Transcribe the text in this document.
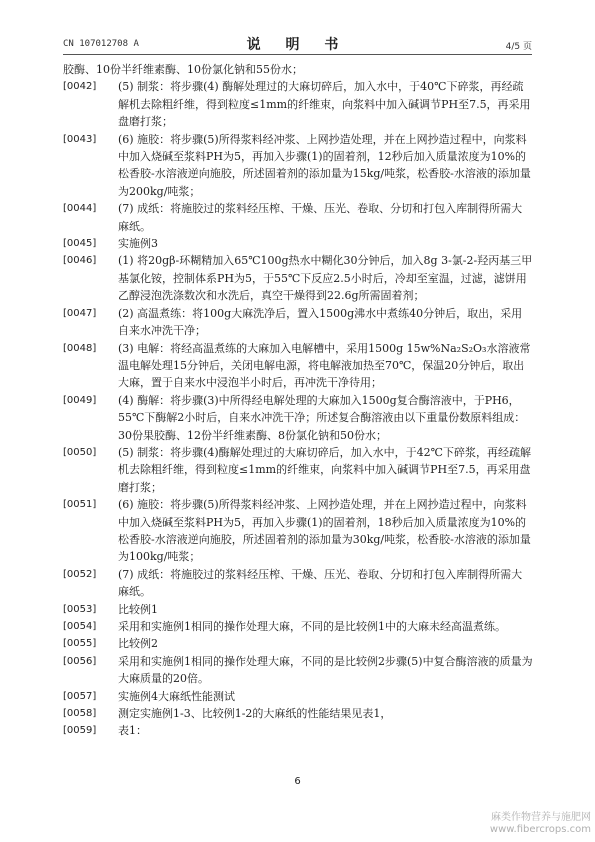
CN 107012708 A	说 明 书	4/5 页

胶酶、10份半纤维素酶、10份氯化钠和55份水；

[0042]	(5) 制浆：将步骤(4) 酶解处理过的大麻切碎后，加入水中，于40℃下碎浆，再经疏解机去除粗纤维，得到粒度≤1mm的纤维束，向浆料中加入碱调节PH至7.5，再采用盘磨打浆；

[0043]	(6) 施胶：将步骤(5)所得浆料经冲浆、上网抄造处理，并在上网抄造过程中，向浆料中加入烧碱至浆料PH为5，再加入步骤(1)的固着剂，12秒后加入质量浓度为10%的松香胶-水溶液逆向施胶，所述固着剂的添加量为15kg/吨浆，松香胶-水溶液的添加量为200kg/吨浆；

[0044]	(7) 成纸：将施胶过的浆料经压榨、干燥、压光、卷取、分切和打包入库制得所需大麻纸。

[0045]	实施例3

[0046]	(1) 将20gβ-环糊精加入65℃100g热水中糊化30分钟后，加入8g 3-氯-2-羟丙基三甲基氯化铵，控制体系PH为5，于55℃下反应2.5小时后，冷却至室温，过滤，滤饼用乙醇浸泡洗涤数次和水洗后，真空干燥得到22.6g所需固着剂；

[0047]	(2) 高温煮练：将100g大麻洗净后，置入1500g沸水中煮练40分钟后，取出，采用自来水冲洗干净；

[0048]	(3) 电解：将经高温煮练的大麻加入电解槽中，采用1500g 15w%Na₂S₂O₃水溶液常温电解处理15分钟后，关闭电解电源，将电解液加热至70℃，保温20分钟后，取出大麻，置于自来水中浸泡半小时后，再冲洗干净待用；

[0049]	(4) 酶解：将步骤(3)中所得经电解处理的大麻加入1500g复合酶溶液中，于PH6，55℃下酶解2小时后，自来水冲洗干净；所述复合酶溶液由以下重量份数原料组成：30份果胶酶、12份半纤维素酶、8份氯化钠和50份水；

[0050]	(5) 制浆：将步骤(4)酶解处理过的大麻切碎后，加入水中，于42℃下碎浆，再经疏解机去除粗纤维，得到粒度≤1mm的纤维束，向浆料中加入碱调节PH至7.5，再采用盘磨打浆；

[0051]	(6) 施胶：将步骤(5)所得浆料经冲浆、上网抄造处理，并在上网抄造过程中，向浆料中加入烧碱至浆料PH为5，再加入步骤(1)的固着剂，18秒后加入质量浓度为10%的松香胶-水溶液逆向施胶，所述固着剂的添加量为30kg/吨浆，松香胶-水溶液的添加量为100kg/吨浆；

[0052]	(7) 成纸：将施胶过的浆料经压榨、干燥、压光、卷取、分切和打包入库制得所需大麻纸。

[0053]	比较例1

[0054]	采用和实施例1相同的操作处理大麻，不同的是比较例1中的大麻未经高温煮练。

[0055]	比较例2

[0056]	采用和实施例1相同的操作处理大麻，不同的是比较例2步骤(5)中复合酶溶液的质量为大麻质量的20倍。

[0057]	实施例4大麻纸性能测试

[0058]	测定实施例1-3、比较例1-2的大麻纸的性能结果见表1，

[0059]	表1：

6
麻类作物营养与施肥网
www.fibercrops.com
